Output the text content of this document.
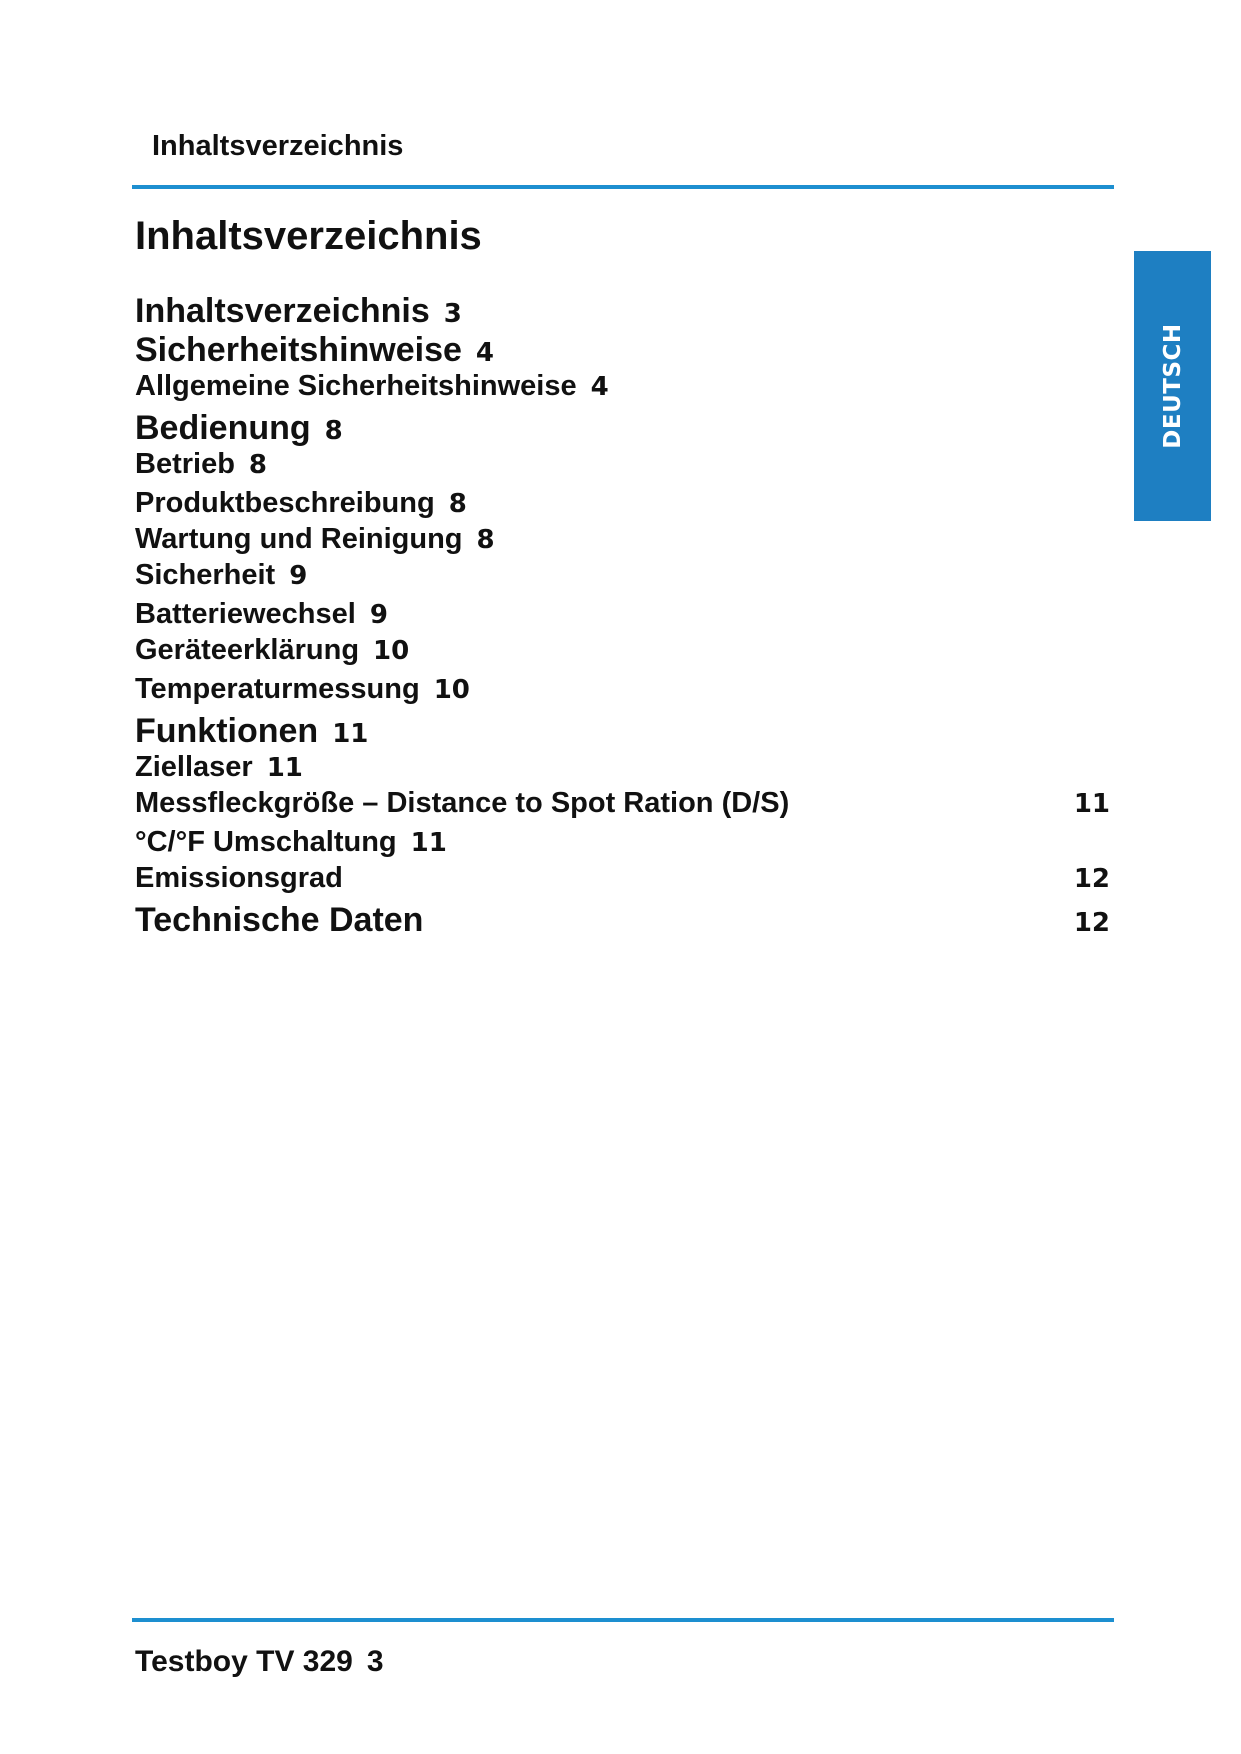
Inhaltsverzeichnis
Inhaltsverzeichnis
Inhaltsverzeichnis 3
Sicherheitshinweise 4
Allgemeine Sicherheitshinweise 4
Bedienung 8
Betrieb 8
Produktbeschreibung 8
Wartung und Reinigung 8
Sicherheit 9
Batteriewechsel 9
Geräteerklärung 10
Temperaturmessung 10
Funktionen 11
Ziellaser 11
Messfleckgröße – Distance to Spot Ration (D/S)	11
°C/°F Umschaltung 11
Emissionsgrad	12
Technische Daten	12
DEUTSCH
Testboy TV 329 3
